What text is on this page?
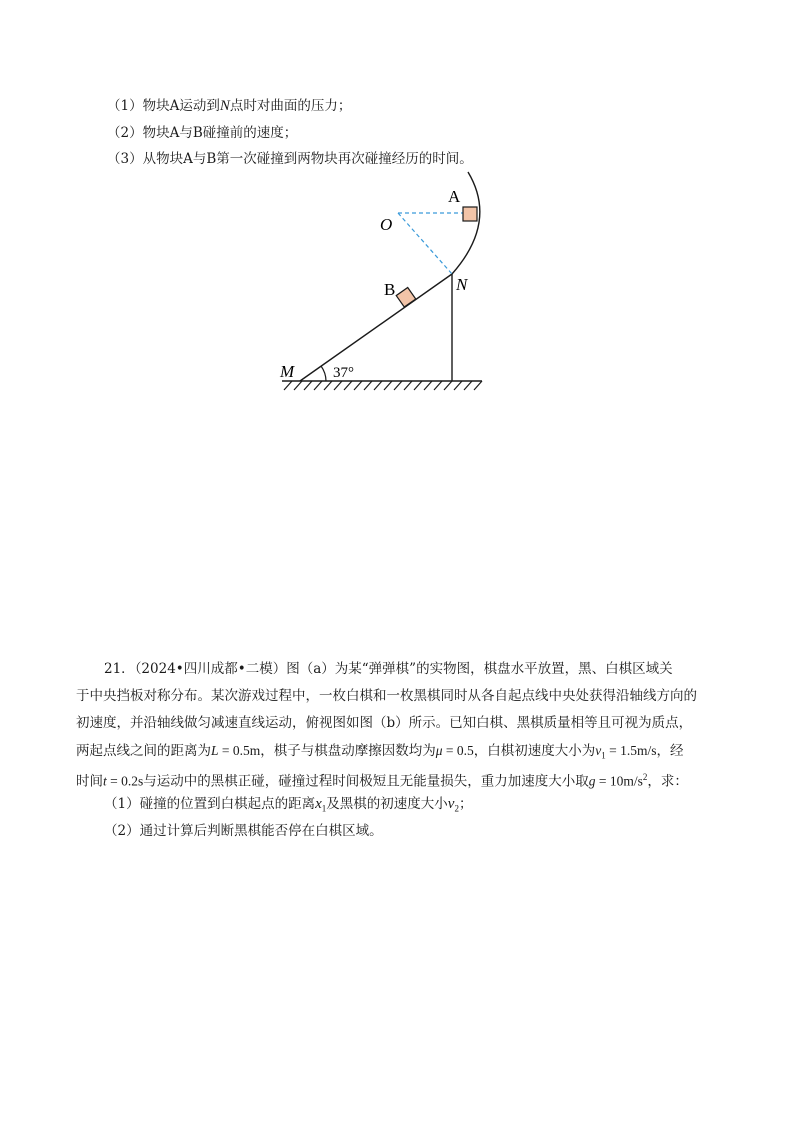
（1）物块A运动到N点时对曲面的压力；
（2）物块A与B碰撞前的速度；
（3）从物块A与B第一次碰撞到两物块再次碰撞经历的时间。
A
O
B	N
M	37°
21．（2024•四川成都•二模）图（a）为某“弹弹棋”的实物图，棋盘水平放置，黑、白棋区域关
于中央挡板对称分布。某次游戏过程中，一枚白棋和一枚黑棋同时从各自起点线中央处获得沿轴线方向的
初速度，并沿轴线做匀减速直线运动，俯视图如图（b）所示。已知白棋、黑棋质量相等且可视为质点，
两起点线之间的距离为L = 0.5m，棋子与棋盘动摩擦因数均为μ = 0.5，白棋初速度大小为$v_1 = 1.5m/s$，经
时间t = 0.2s与运动中的黑棋正碰，碰撞过程时间极短且无能量损失，重力加速度大小取$g = 10m/s^2$，求：
（1）碰撞的位置到白棋起点的距离$x_1$及黑棋的初速度大小$v_2$；
（2）通过计算后判断黑棋能否停在白棋区域。
